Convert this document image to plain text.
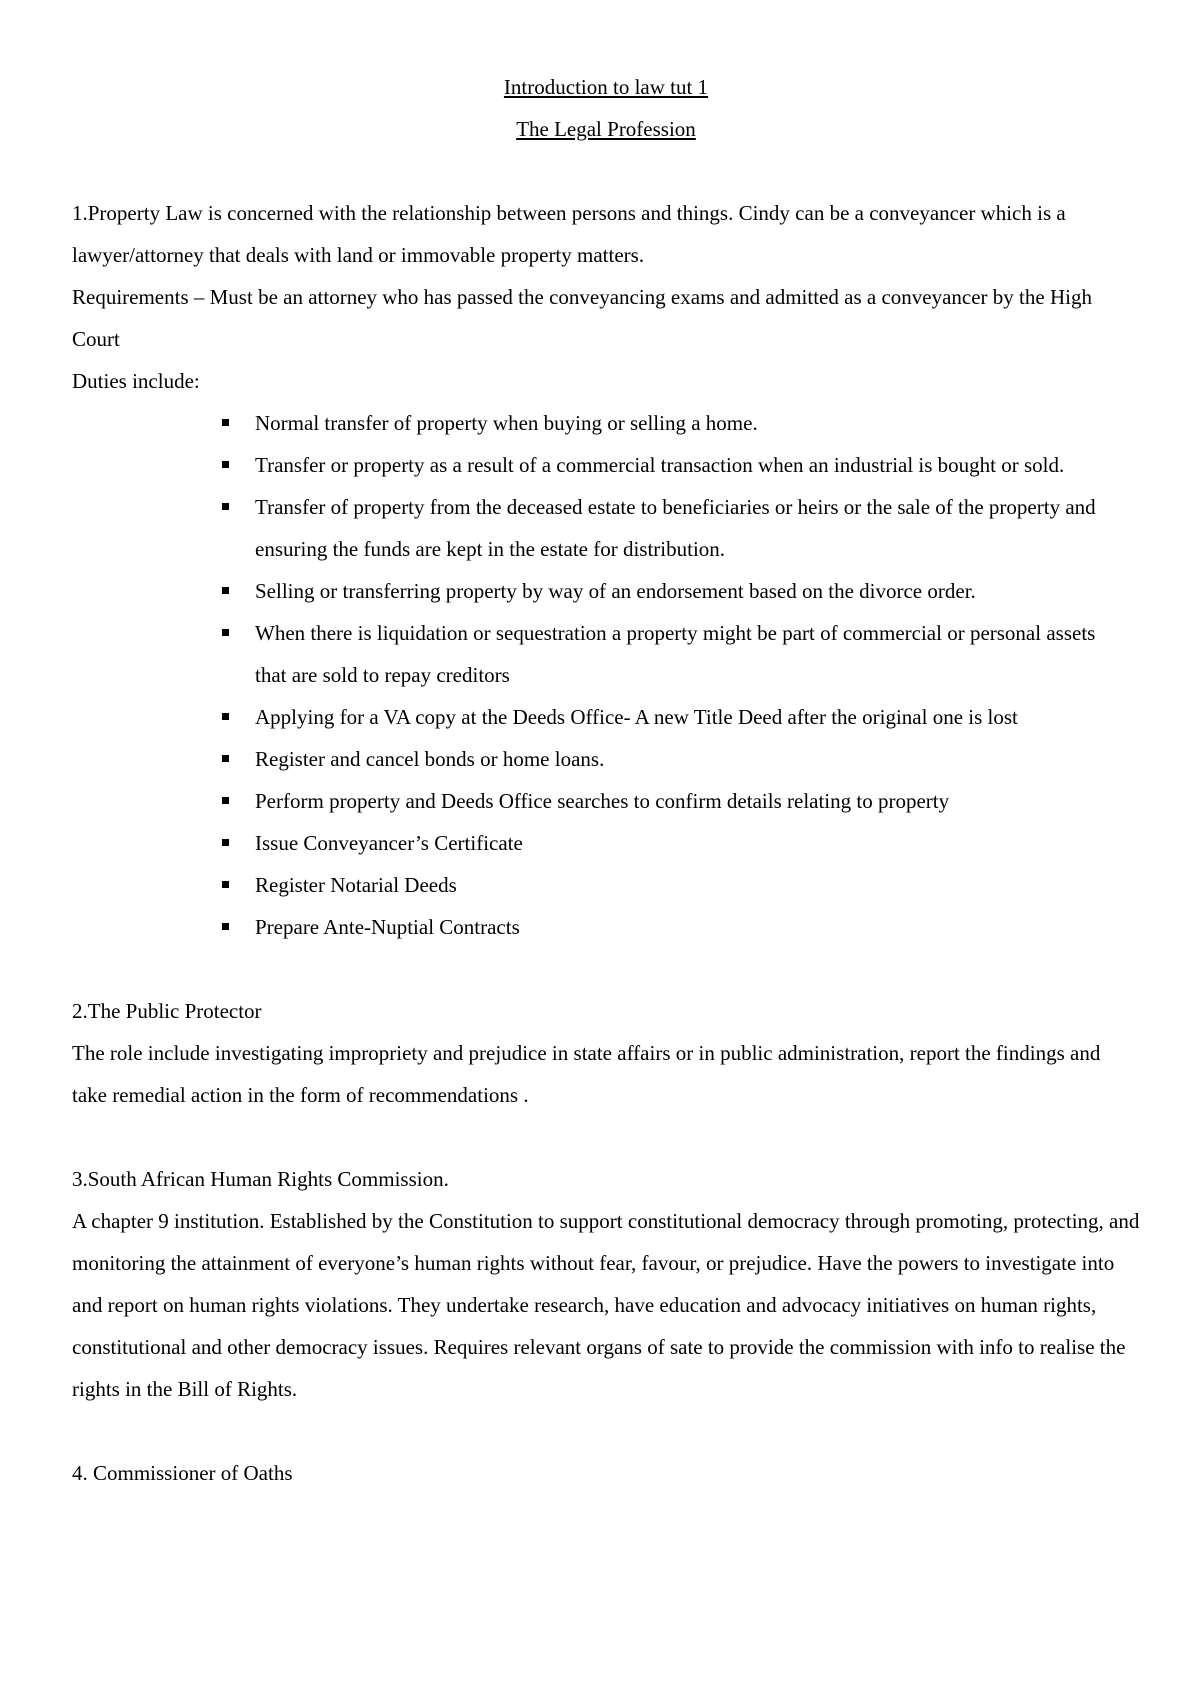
Introduction to law tut 1
The Legal Profession

1.Property Law is concerned with the relationship between persons and things. Cindy can be a conveyancer which is a lawyer/attorney that deals with land or immovable property matters.

Requirements – Must be an attorney who has passed the conveyancing exams and admitted as a conveyancer by the High Court

Duties include:

Normal transfer of property when buying or selling a home.
Transfer or property as a result of a commercial transaction when an industrial is bought or sold.
Transfer of property from the deceased estate to beneficiaries or heirs or the sale of the property and ensuring the funds are kept in the estate for distribution.
Selling or transferring property by way of an endorsement based on the divorce order.
When there is liquidation or sequestration a property might be part of commercial or personal assets that are sold to repay creditors
Applying for a VA copy at the Deeds Office- A new Title Deed after the original one is lost
Register and cancel bonds or home loans.
Perform property and Deeds Office searches to confirm details relating to property
Issue Conveyancer’s Certificate
Register Notarial Deeds
Prepare Ante-Nuptial Contracts

2.The Public Protector

The role include investigating impropriety and prejudice in state affairs or in public administration, report the findings and take remedial action in the form of recommendations .

3.South African Human Rights Commission.

A chapter 9 institution. Established by the Constitution to support constitutional democracy through promoting, protecting, and monitoring the attainment of everyone’s human rights without fear, favour, or prejudice. Have the powers to investigate into and report on human rights violations. They undertake research, have education and advocacy initiatives on human rights, constitutional and other democracy issues. Requires relevant organs of sate to provide the commission with info to realise the rights in the Bill of Rights.

4. Commissioner of Oaths
